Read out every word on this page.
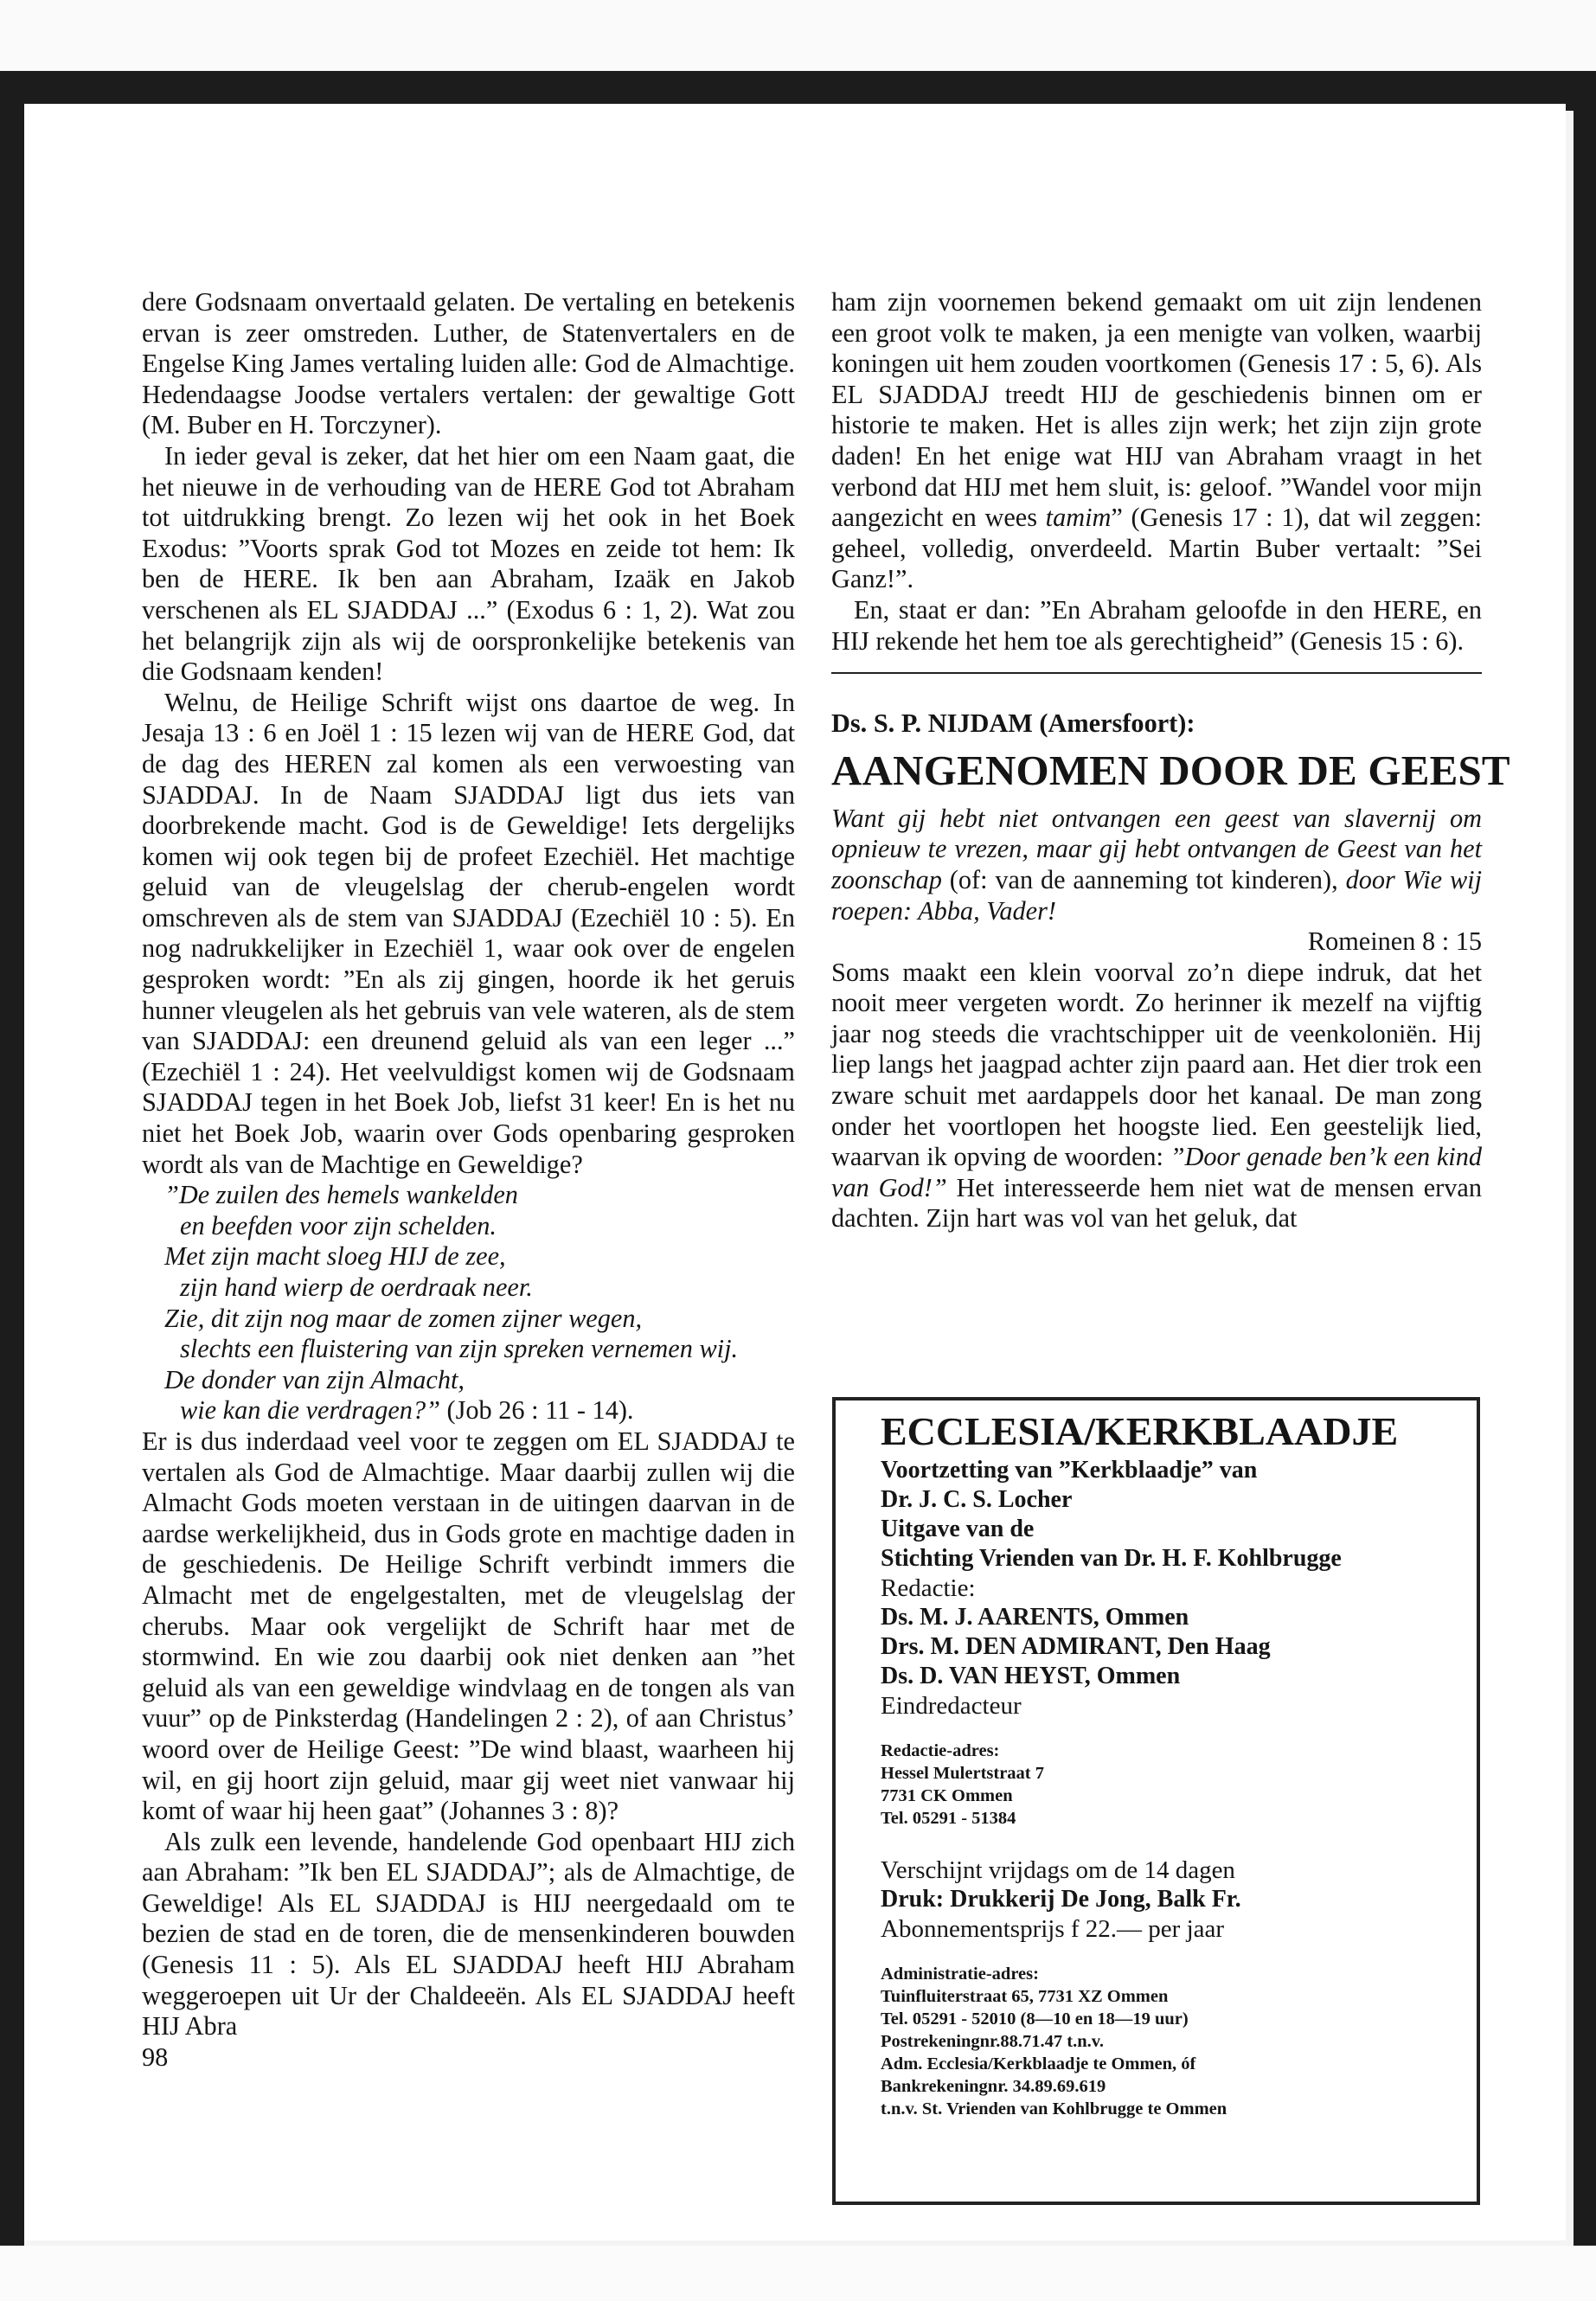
dere Godsnaam onvertaald gelaten. De vertaling en betekenis ervan is zeer omstreden. Luther, de Statenvertalers en de Engelse King James vertaling luiden alle: God de Almachtige. Hedendaagse Joodse vertalers vertalen: der gewaltige Gott (M. Buber en H. Torczyner).

In ieder geval is zeker, dat het hier om een Naam gaat, die het nieuwe in de verhouding van de HERE God tot Abraham tot uitdrukking brengt. Zo lezen wij het ook in het Boek Exodus: ”Voorts sprak God tot Mozes en zeide tot hem: Ik ben de HERE. Ik ben aan Abraham, Izaäk en Jakob verschenen als EL SJADDAJ ...” (Exodus 6 : 1, 2). Wat zou het belangrijk zijn als wij de oorspronkelijke betekenis van die Godsnaam kenden!

Welnu, de Heilige Schrift wijst ons daartoe de weg. In Jesaja 13 : 6 en Joël 1 : 15 lezen wij van de HERE God, dat de dag des HEREN zal komen als een verwoesting van SJADDAJ. In de Naam SJADDAJ ligt dus iets van doorbrekende macht. God is de Geweldige! Iets dergelijks komen wij ook tegen bij de profeet Ezechiël. Het machtige geluid van de vleugelslag der cherub-engelen wordt omschreven als de stem van SJADDAJ (Ezechiël 10 : 5). En nog nadrukkelijker in Ezechiël 1, waar ook over de engelen gesproken wordt: ”En als zij gingen, hoorde ik het geruis hunner vleugelen als het gebruis van vele wateren, als de stem van SJADDAJ: een dreunend geluid als van een leger ...” (Ezechiël 1 : 24). Het veelvuldigst komen wij de Godsnaam SJADDAJ tegen in het Boek Job, liefst 31 keer! En is het nu niet het Boek Job, waarin over Gods openbaring gesproken wordt als van de Machtige en Geweldige?

”De zuilen des hemels wankelden
en beefden voor zijn schelden.
Met zijn macht sloeg HIJ de zee,
zijn hand wierp de oerdraak neer.
Zie, dit zijn nog maar de zomen zijner wegen,
slechts een fluistering van zijn spreken vernemen wij.
De donder van zijn Almacht,
wie kan die verdragen?” (Job 26 : 11 - 14).

Er is dus inderdaad veel voor te zeggen om EL SJADDAJ te vertalen als God de Almachtige. Maar daarbij zullen wij die Almacht Gods moeten verstaan in de uitingen daarvan in de aardse werkelijkheid, dus in Gods grote en machtige daden in de geschiedenis. De Heilige Schrift verbindt immers die Almacht met de engelgestalten, met de vleugelslag der cherubs. Maar ook vergelijkt de Schrift haar met de stormwind. En wie zou daarbij ook niet denken aan ”het geluid als van een geweldige windvlaag en de tongen als van vuur” op de Pinksterdag (Handelingen 2 : 2), of aan Christus’ woord over de Heilige Geest: ”De wind blaast, waarheen hij wil, en gij hoort zijn geluid, maar gij weet niet vanwaar hij komt of waar hij heen gaat” (Johannes 3 : 8)?

Als zulk een levende, handelende God openbaart HIJ zich aan Abraham: ”Ik ben EL SJADDAJ”; als de Almachtige, de Geweldige! Als EL SJADDAJ is HIJ neergedaald om te bezien de stad en de toren, die de mensenkinderen bouwden (Genesis 11 : 5). Als EL SJADDAJ heeft HIJ Abraham weggeroepen uit Ur der Chaldeeën. Als EL SJADDAJ heeft HIJ Abra

98

ham zijn voornemen bekend gemaakt om uit zijn lendenen een groot volk te maken, ja een menigte van volken, waarbij koningen uit hem zouden voortkomen (Genesis 17 : 5, 6). Als EL SJADDAJ treedt HIJ de geschiedenis binnen om er historie te maken. Het is alles zijn werk; het zijn zijn grote daden! En het enige wat HIJ van Abraham vraagt in het verbond dat HIJ met hem sluit, is: geloof. ”Wandel voor mijn aangezicht en wees tamim” (Genesis 17 : 1), dat wil zeggen: geheel, volledig, onverdeeld. Martin Buber vertaalt: ”Sei Ganz!”.

En, staat er dan: ”En Abraham geloofde in den HERE, en HIJ rekende het hem toe als gerechtigheid” (Genesis 15 : 6).

Ds. S. P. NIJDAM (Amersfoort):

AANGENOMEN DOOR DE GEEST

Want gij hebt niet ontvangen een geest van slavernij om opnieuw te vrezen, maar gij hebt ontvangen de Geest van het zoonschap (of: van de aanneming tot kinderen), door Wie wij roepen: Abba, Vader!

Romeinen 8 : 15

Soms maakt een klein voorval zo’n diepe indruk, dat het nooit meer vergeten wordt. Zo herinner ik mezelf na vijftig jaar nog steeds die vrachtschipper uit de veenkoloniën. Hij liep langs het jaagpad achter zijn paard aan. Het dier trok een zware schuit met aardappels door het kanaal. De man zong onder het voortlopen het hoogste lied. Een geestelijk lied, waarvan ik opving de woorden: ”Door genade ben’k een kind van God!” Het interesseerde hem niet wat de mensen ervan dachten. Zijn hart was vol van het geluk, dat

ECCLESIA/KERKBLAADJE

Voortzetting van ”Kerkblaadje” van

Dr. J. C. S. Locher

Uitgave van de

Stichting Vrienden van Dr. H. F. Kohlbrugge

Redactie:

Ds. M. J. AARENTS, Ommen

Drs. M. DEN ADMIRANT, Den Haag

Ds. D. VAN HEYST, Ommen

Eindredacteur

Redactie-adres:

Hessel Mulertstraat 7

7731 CK Ommen

Tel. 05291 - 51384

Verschijnt vrijdags om de 14 dagen

Druk: Drukkerij De Jong, Balk Fr.

Abonnementsprijs f 22.— per jaar

Administratie-adres:

Tuinfluiterstraat 65, 7731 XZ Ommen

Tel. 05291 - 52010 (8—10 en 18—19 uur)

Postrekeningnr.88.71.47 t.n.v.

Adm. Ecclesia/Kerkblaadje te Ommen, óf

Bankrekeningnr. 34.89.69.619

t.n.v. St. Vrienden van Kohlbrugge te Ommen
